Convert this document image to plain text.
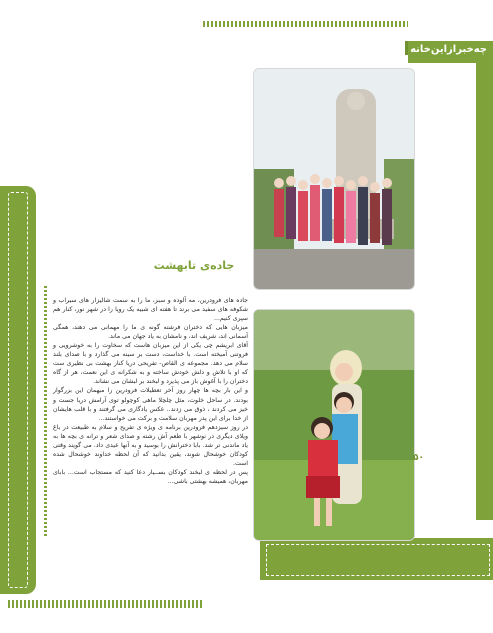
چه‌خبرازاین‌خانه
جاده‌ی تابهشت

جاده های فرودرین، مه آلوده و سبز، ما را به سمت شالیزار های سیراب و شکوفه های سفید می برند تا هفته ای شبیه یک رویا را در شهر نور، کنار هم سپری کنیم...

میزبان هایی که دختران فرشته گونه ی ما را مهمانی می دهند، همگی آسمانی اند، شریف اند، و نامشان به یاد جهان می ماند.

آقای ابریشم چی یکی از این میزبان هاست که سخاوت را به خوشرویی و فروتنی آمیخته است. با خداست، دست بر سینه می گذارد و با صدای بلند سلام می دهد. مجموعه ی القاص- تفریحی دریا کنار بهشت بی نظیری ست که او با تلاش و دلش خودش ساخته و به شکرانه ی این نعمت، هر از گاه دختران را با آغوش باز می پذیرد و لبخند بر لبشان می نشاند.

و این بار بچه ها چهار روز آخر تعطیلات فرودرین را میهمان این بزرگوار بودند. در ساحل خلوت، مثل چلچلا ماهی کوچولو توی آرامش دریا جست و خیز می کردند ، ذوق می زدند.. عکس یادگاری می گرفتند و با قلب هایشان از خدا برای این پدر مهربان سلامت و برکت می خواستند...

در روز سیزدهم فرودرین برنامه ی ویژه ی تفریح و سلام به طبیعت در باغ ویلای دیگری در نوشهر با طعم آش رشته و صدای شعر و ترانه ی بچه ها به یاد ماندنی تر شد. بابا دخترانش را بوسید و به آنها عیدی داد. می گویند وقتی کودکان خوشحال شوند، یقین بدانید که آن لحظه خداوند خوشحال شده است.

پس در لحظه ی لبخند کودکان بســیار دعا کنید که مستجاب است... بابای مهربان، همیشه بهشتی باشی...

۵۰
